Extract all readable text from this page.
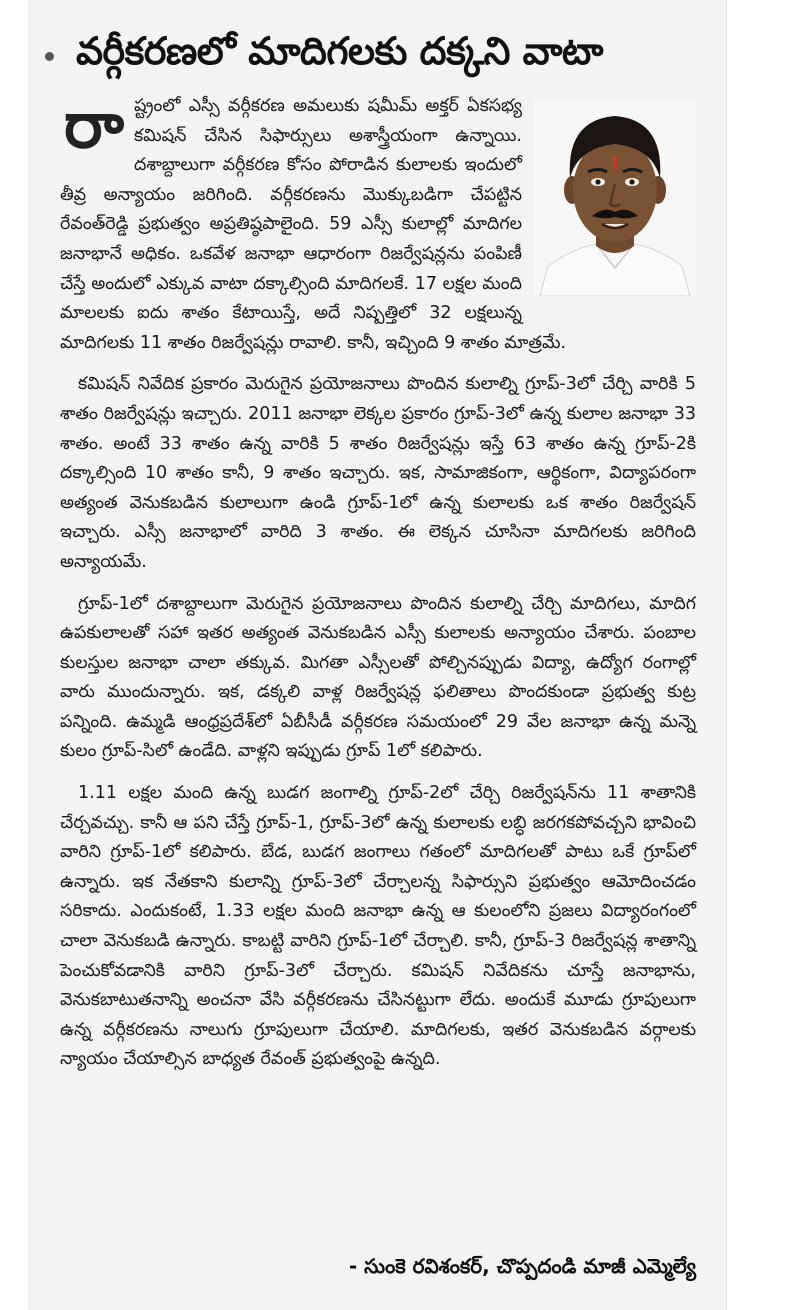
వర్గీకరణలో మాదిగలకు దక్కని వాటా

రాష్ట్రంలో ఎస్సీ వర్గీకరణ అమలుకు షమీమ్ అక్తర్ ఏకసభ్య కమిషన్ చేసిన సిఫార్సులు అశాస్త్రీయంగా ఉన్నాయి. దశాబ్దాలుగా వర్గీకరణ కోసం పోరాడిన కులాలకు ఇందులో తీవ్ర అన్యాయం జరిగింది. వర్గీకరణను మొక్కుబడిగా చేపట్టిన రేవంత్‌రెడ్డి ప్రభుత్వం అప్రతిష్ఠపాలైంది. 59 ఎస్సీ కులాల్లో మాదిగల జనాభానే అధికం. ఒకవేళ జనాభా ఆధారంగా రిజర్వేషన్లను పంపిణీ చేస్తే అందులో ఎక్కువ వాటా దక్కాల్సింది మాదిగలకే. 17 లక్షల మంది మాలలకు ఐదు శాతం కేటాయిస్తే, అదే నిష్పత్తిలో 32 లక్షలున్న మాదిగలకు 11 శాతం రిజర్వేషన్లు రావాలి. కానీ, ఇచ్చింది 9 శాతం మాత్రమే.

కమిషన్ నివేదిక ప్రకారం మెరుగైన ప్రయోజనాలు పొందిన కులాల్ని గ్రూప్‌-3లో చేర్చి వారికి 5 శాతం రిజర్వేషన్లు ఇచ్చారు. 2011 జనాభా లెక్కల ప్రకారం గ్రూప్‌-3లో ఉన్న కులాల జనాభా 33 శాతం. అంటే 33 శాతం ఉన్న వారికి 5 శాతం రిజర్వేషన్లు ఇస్తే 63 శాతం ఉన్న గ్రూప్‌-2కి దక్కాల్సింది 10 శాతం కానీ, 9 శాతం ఇచ్చారు. ఇక, సామాజికంగా, ఆర్థికంగా, విద్యాపరంగా అత్యంత వెనుకబడిన కులాలుగా ఉండి గ్రూప్‌-1లో ఉన్న కులాలకు ఒక శాతం రిజర్వేషన్ ఇచ్చారు. ఎస్సీ జనాభాలో వారిది 3 శాతం. ఈ లెక్కన చూసినా మాదిగలకు జరిగింది అన్యాయమే.

గ్రూప్‌-1లో దశాబ్దాలుగా మెరుగైన ప్రయోజనాలు పొందిన కులాల్ని చేర్చి మాదిగలు, మాదిగ ఉపకులాలతో సహా ఇతర అత్యంత వెనుకబడిన ఎస్సీ కులాలకు అన్యాయం చేశారు. పంబాల కులస్తుల జనాభా చాలా తక్కువ. మిగతా ఎస్సీలతో పోల్చినప్పుడు విద్యా, ఉద్యోగ రంగాల్లో వారు ముందున్నారు. ఇక, డక్కలి వాళ్ల రిజర్వేషన్ల ఫలితాలు పొందకుండా ప్రభుత్వ కుట్ర పన్నింది. ఉమ్మడి ఆంధ్రప్రదేశ్‌లో ఏబీసీడీ వర్గీకరణ సమయంలో 29 వేల జనాభా ఉన్న మన్నె కులం గ్రూప్‌-సిలో ఉండేది. వాళ్లని ఇప్పుడు గ్రూప్ 1లో కలిపారు.

1.11 లక్షల మంది ఉన్న బుడగ జంగాల్ని గ్రూప్‌-2లో చేర్చి రిజర్వేషన్‌ను 11 శాతానికి చేర్చవచ్చు. కానీ ఆ పని చేస్తే గ్రూప్‌-1, గ్రూప్‌-3లో ఉన్న కులాలకు లబ్ధి జరగకపోవచ్చని భావించి వారిని గ్రూప్‌-1లో కలిపారు. బేడ, బుడగ జంగాలు గతంలో మాదిగలతో పాటు ఒకే గ్రూప్‌లో ఉన్నారు. ఇక నేతకాని కులాన్ని గ్రూప్‌-3లో చేర్చాలన్న సిఫార్సుని ప్రభుత్వం ఆమోదించడం సరికాదు. ఎందుకంటే, 1.33 లక్షల మంది జనాభా ఉన్న ఆ కులంలోని ప్రజలు విద్యారంగంలో చాలా వెనుకబడి ఉన్నారు. కాబట్టి వారిని గ్రూప్‌-1లో చేర్చాలి. కానీ, గ్రూప్‌-3 రిజర్వేషన్ల శాతాన్ని పెంచుకోవడానికి వారిని గ్రూప్‌-3లో చేర్చారు. కమిషన్ నివేదికను చూస్తే జనాభాను, వెనుకబాటుతనాన్ని అంచనా వేసి వర్గీకరణను చేసినట్టుగా లేదు. అందుకే మూడు గ్రూపులుగా ఉన్న వర్గీకరణను నాలుగు గ్రూపులుగా చేయాలి. మాదిగలకు, ఇతర వెనుకబడిన వర్గాలకు న్యాయం చేయాల్సిన బాధ్యత రేవంత్ ప్రభుత్వంపై ఉన్నది.

- సుంకె రవిశంకర్, చొప్పదండి మాజీ ఎమ్మెల్యే
